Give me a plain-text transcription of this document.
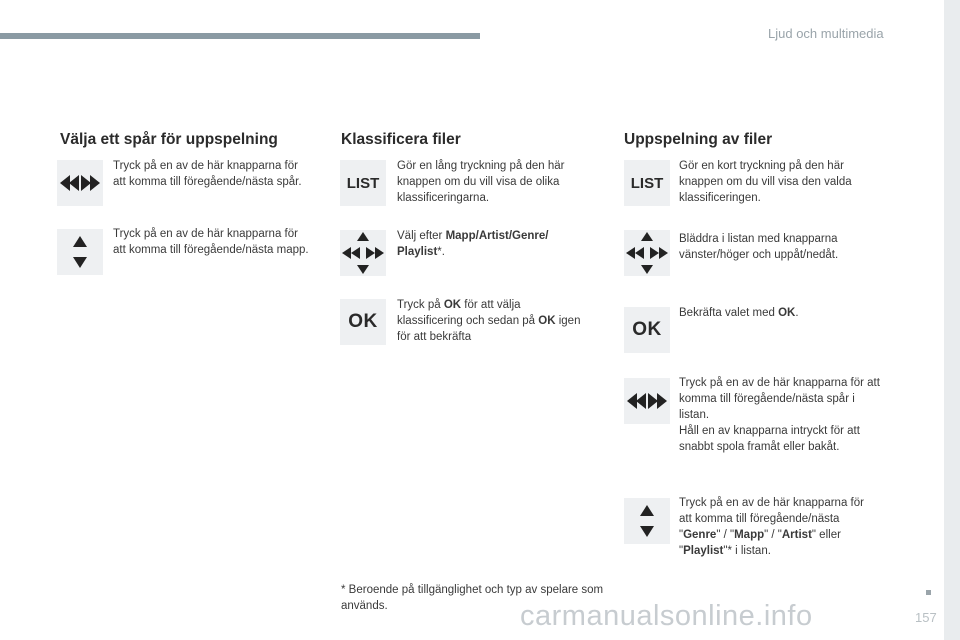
Ljud och multimedia
157
carmanualsonline.info
Välja ett spår för uppspelning
Tryck på en av de här knapparna för att komma till föregående/nästa spår.
Tryck på en av de här knapparna för att komma till föregående/nästa mapp.
Klassificera filer
LIST
Gör en lång tryckning på den här knappen om du vill visa de olika klassificeringarna.
Välj efter Mapp/Artist/Genre/ Playlist*.
OK
Tryck på OK för att välja klassificering och sedan på OK igen för att bekräfta
Uppspelning av filer
LIST
Gör en kort tryckning på den här knappen om du vill visa den valda klassificeringen.
Bläddra i listan med knapparna vänster/höger och uppåt/nedåt.
OK
Bekräfta valet med OK.
Tryck på en av de här knapparna för att komma till föregående/nästa spår i listan.
Håll en av knapparna intryckt för att snabbt spola framåt eller bakåt.
Tryck på en av de här knapparna för att komma till föregående/nästa "Genre" / "Mapp" / "Artist" eller "Playlist"* i listan.
* Beroende på tillgänglighet och typ av spelare som används.
